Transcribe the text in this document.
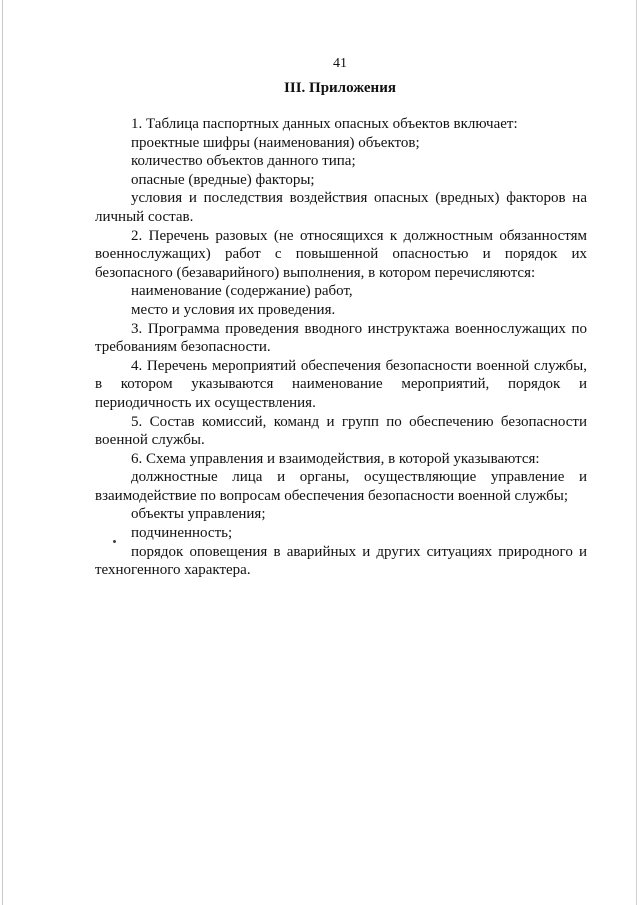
41
III. Приложения

1. Таблица паспортных данных опасных объектов включает:

проектные шифры (наименования) объектов;

количество объектов данного типа;

опасные (вредные) факторы;

условия и последствия воздействия опасных (вредных) факторов на личный состав.

2. Перечень разовых (не относящихся к должностным обязанностям военнослужащих) работ с повышенной опасностью и порядок их безопасного (безаварийного) выполнения, в котором перечисляются:

наименование (содержание) работ,

место и условия их проведения.

3. Программа проведения вводного инструктажа военнослужащих по требованиям безопасности.

4. Перечень мероприятий обеспечения безопасности военной службы, в котором указываются наименование мероприятий, порядок и периодичность их осуществления.

5. Состав комиссий, команд и групп по обеспечению безопасности военной службы.

6. Схема управления и взаимодействия, в которой указываются:

должностные лица и органы, осуществляющие управление и взаимодействие по вопросам обеспечения безопасности военной службы;

объекты управления;

подчиненность;

порядок оповещения в аварийных и других ситуациях природного и техногенного характера.
